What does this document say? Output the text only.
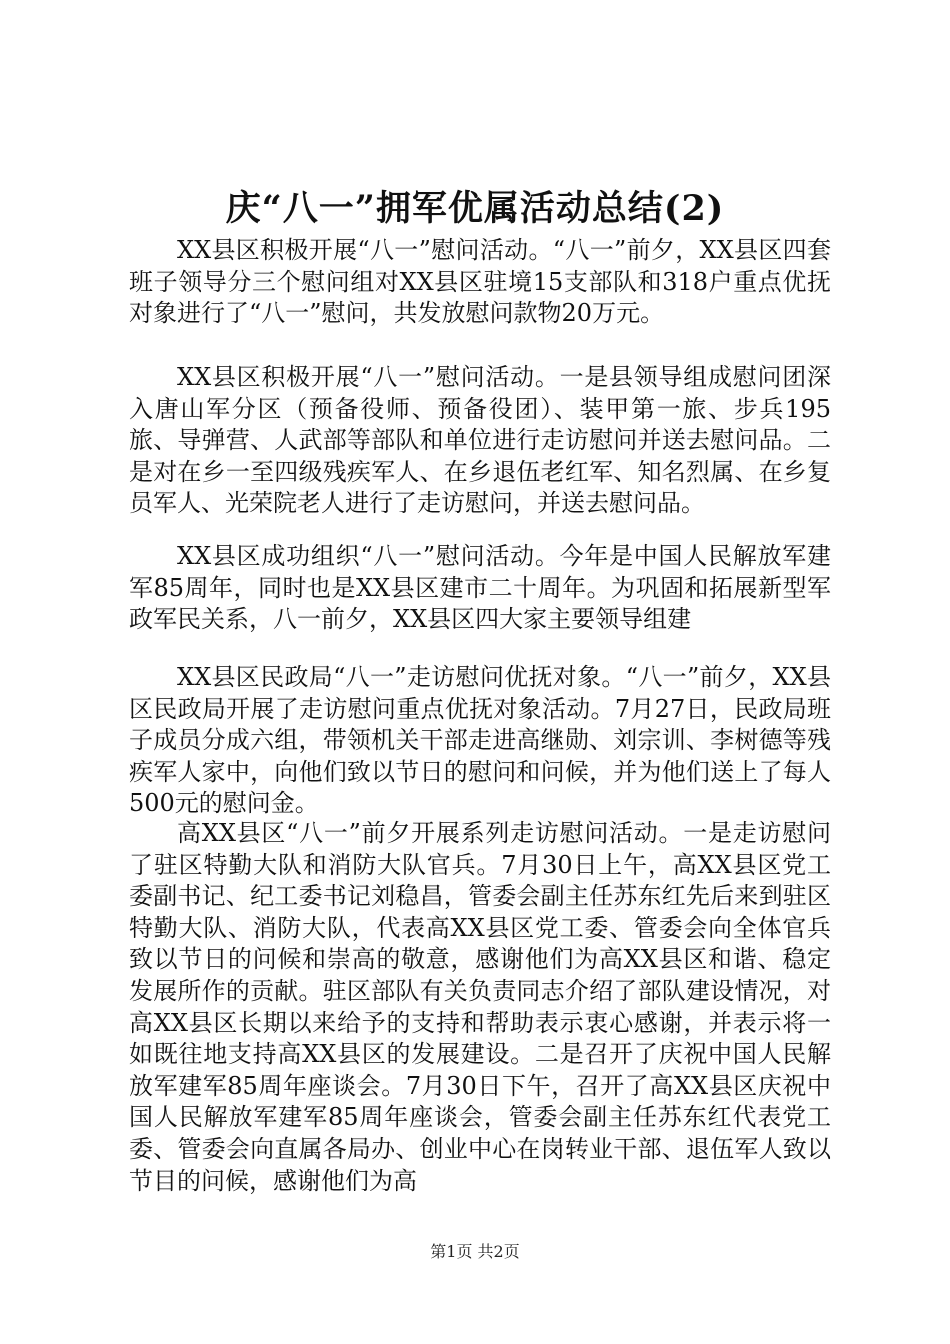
庆“八一”拥军优属活动总结(2)

XX县区积极开展“八一”慰问活动。“八一”前夕，XX县区四套班子领导分三个慰问组对XX县区驻境15支部队和318户重点优抚对象进行了“八一”慰问，共发放慰问款物20万元。

XX县区积极开展“八一”慰问活动。一是县领导组成慰问团深入唐山军分区（预备役师、预备役团）、装甲第一旅、步兵195旅、导弹营、人武部等部队和单位进行走访慰问并送去慰问品。二是对在乡一至四级残疾军人、在乡退伍老红军、知名烈属、在乡复员军人、光荣院老人进行了走访慰问，并送去慰问品。

XX县区成功组织“八一”慰问活动。今年是中国人民解放军建军85周年，同时也是XX县区建市二十周年。为巩固和拓展新型军政军民关系，八一前夕，XX县区四大家主要领导组建

XX县区民政局“八一”走访慰问优抚对象。“八一”前夕，XX县区民政局开展了走访慰问重点优抚对象活动。7月27日，民政局班子成员分成六组，带领机关干部走进高继勋、刘宗训、李树德等残疾军人家中，向他们致以节日的慰问和问候，并为他们送上了每人500元的慰问金。

高XX县区“八一”前夕开展系列走访慰问活动。一是走访慰问了驻区特勤大队和消防大队官兵。7月30日上午，高XX县区党工委副书记、纪工委书记刘稳昌，管委会副主任苏东红先后来到驻区特勤大队、消防大队，代表高XX县区党工委、管委会向全体官兵致以节日的问候和崇高的敬意，感谢他们为高XX县区和谐、稳定发展所作的贡献。驻区部队有关负责同志介绍了部队建设情况，对高XX县区长期以来给予的支持和帮助表示衷心感谢，并表示将一如既往地支持高XX县区的发展建设。二是召开了庆祝中国人民解放军建军85周年座谈会。7月30日下午，召开了高XX县区庆祝中国人民解放军建军85周年座谈会，管委会副主任苏东红代表党工委、管委会向直属各局办、创业中心在岗转业干部、退伍军人致以节目的问候，感谢他们为高

第1页 共2页
